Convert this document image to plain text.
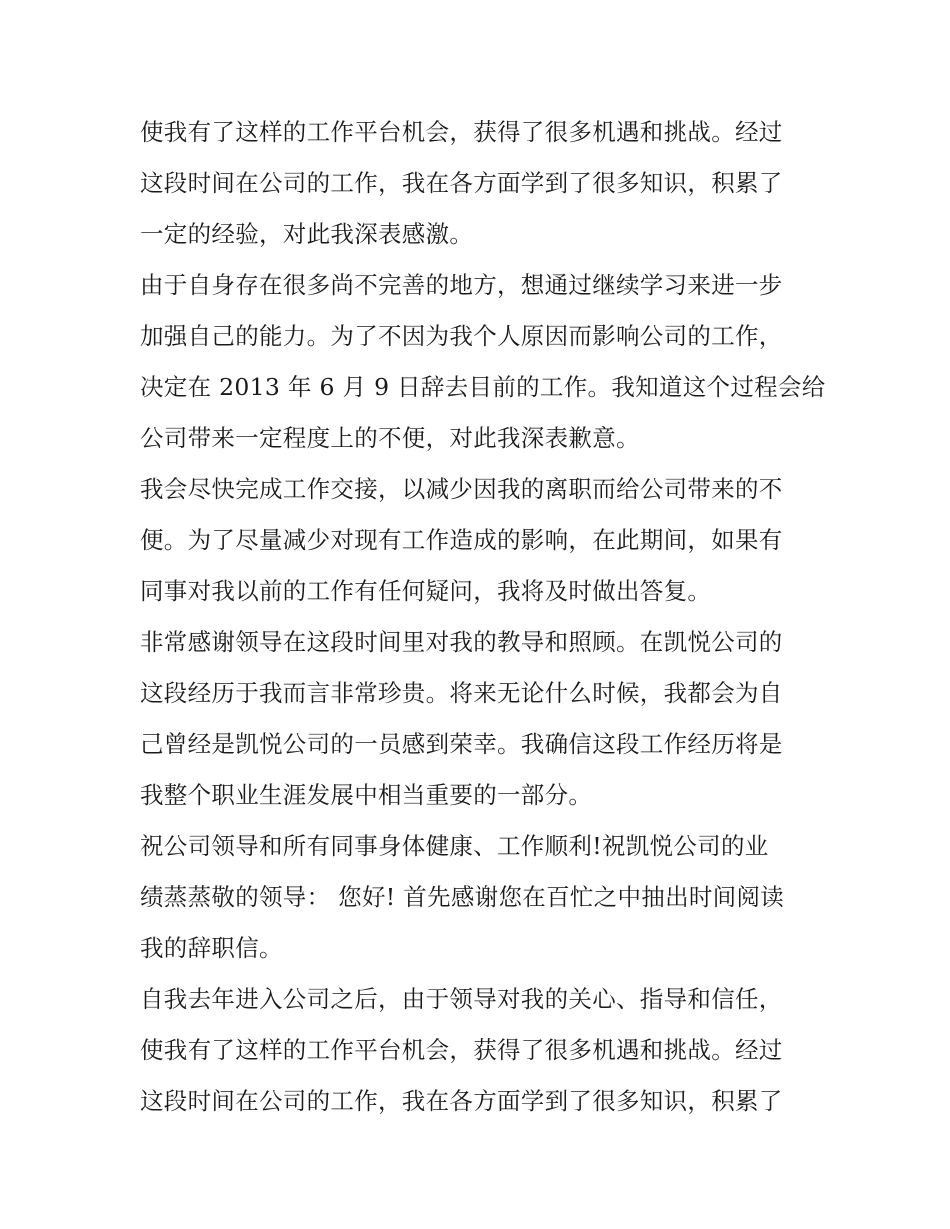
使我有了这样的工作平台机会，获得了很多机遇和挑战。经过
这段时间在公司的工作，我在各方面学到了很多知识，积累了
一定的经验，对此我深表感激。
由于自身存在很多尚不完善的地方，想通过继续学习来进一步
加强自己的能力。为了不因为我个人原因而影响公司的工作，
决定在 2013 年 6 月 9 日辞去目前的工作。我知道这个过程会给
公司带来一定程度上的不便，对此我深表歉意。
我会尽快完成工作交接，以减少因我的离职而给公司带来的不
便。为了尽量减少对现有工作造成的影响，在此期间，如果有
同事对我以前的工作有任何疑问，我将及时做出答复。
非常感谢领导在这段时间里对我的教导和照顾。在凯悦公司的
这段经历于我而言非常珍贵。将来无论什么时候，我都会为自
己曾经是凯悦公司的一员感到荣幸。我确信这段工作经历将是
我整个职业生涯发展中相当重要的一部分。
祝公司领导和所有同事身体健康、工作顺利!祝凯悦公司的业
绩蒸蒸敬的领导： 您好! 首先感谢您在百忙之中抽出时间阅读
我的辞职信。
自我去年进入公司之后，由于领导对我的关心、指导和信任，
使我有了这样的工作平台机会，获得了很多机遇和挑战。经过
这段时间在公司的工作，我在各方面学到了很多知识，积累了
